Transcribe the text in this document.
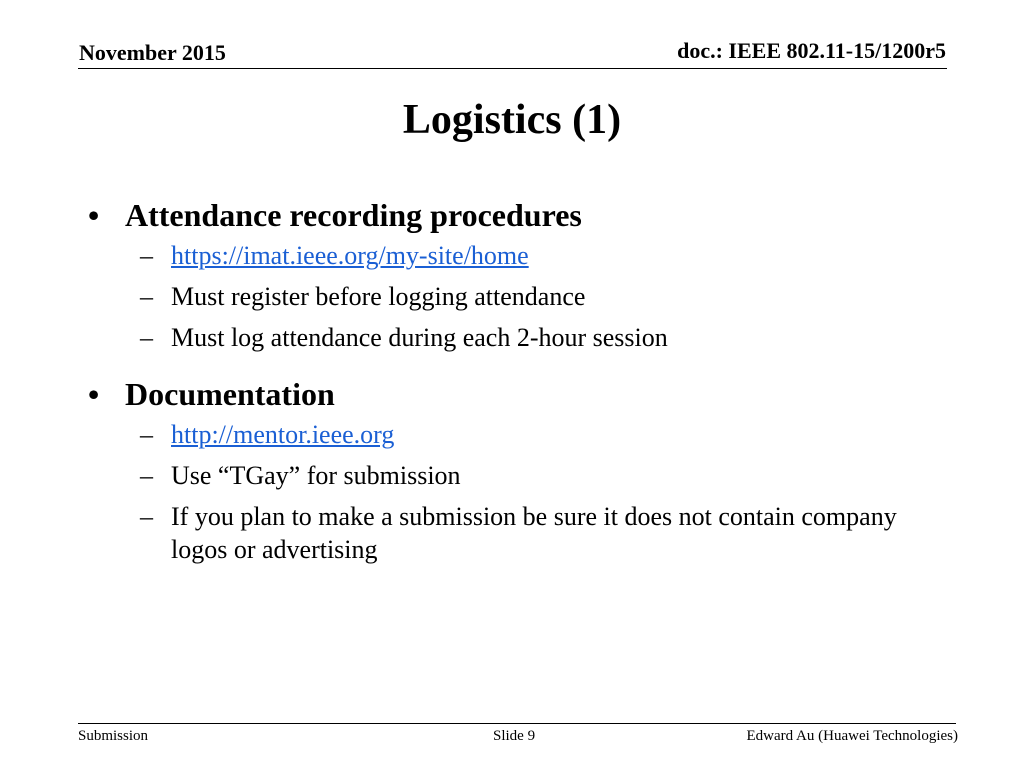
November 2015	doc.: IEEE 802.11-15/1200r5
Logistics (1)
• Attendance recording procedures
– https://imat.ieee.org/my-site/home
– Must register before logging attendance
– Must log attendance during each 2-hour session
• Documentation
– http://mentor.ieee.org
– Use “TGay” for submission
– If you plan to make a submission be sure it does not contain company logos or advertising
Submission	Slide 9	Edward Au (Huawei Technologies)
